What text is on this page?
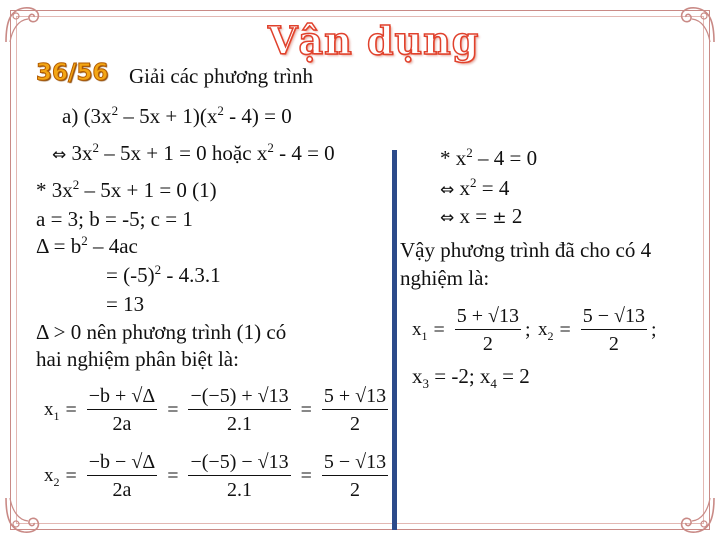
Vận dụng
36/56 Giải các phương trình
a) $(3x^2 - 5x + 1)(x^2 - 4) = 0$
⇔ $3x^2 - 5x + 1 = 0$ hoặc $x^2 - 4 = 0$
* $3x^2 - 5x + 1 = 0$ (1)
a = 3; b = -5; c = 1
$\Delta = b^2 - 4ac$
= $(-5)^2 - 4.3.1$
= 13
Δ > 0 nên phương trình (1) có
hai nghiệm phân biệt là:
$x_1 = \frac{-b + √\Delta}{2a} = \frac{-(-5) + √13}{2.1} = \frac{5 + √13}{2}$
$x_2 = \frac{-b - √\Delta}{2a} = \frac{-(-5) - √13}{2.1} = \frac{5 - √13}{2}$
* $x^2 - 4 = 0$
⇔ $x^2 = 4$
⇔ x = ± 2
Vậy phương trình đã cho có 4
nghiệm là:
$x_1 = \frac{5 + √13}{2}$ ; $x_2 = \frac{5 - √13}{2}$ ;
$x_3 = -2$; $x_4 = 2$
